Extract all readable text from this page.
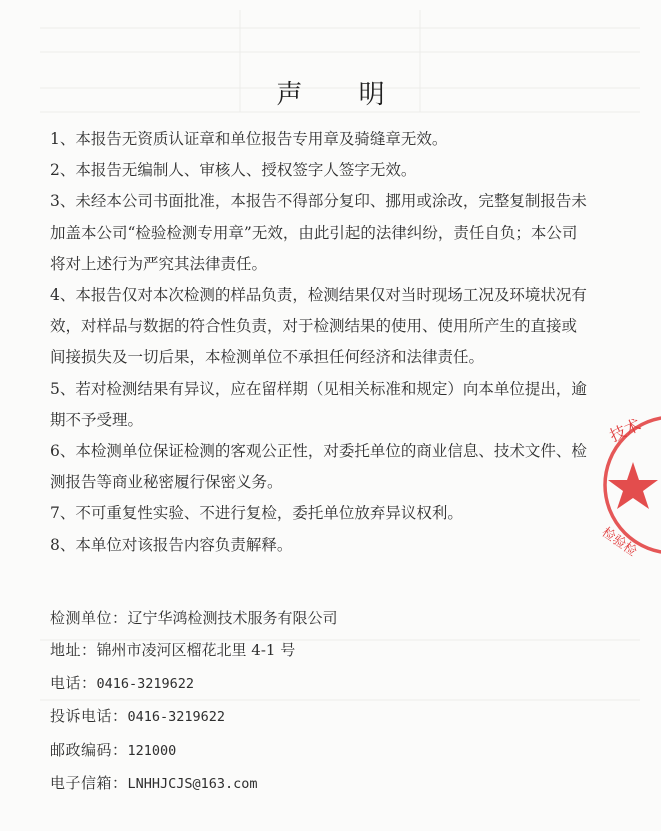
声 明

1、本报告无资质认证章和单位报告专用章及骑缝章无效。

2、本报告无编制人、审核人、授权签字人签字无效。

3、未经本公司书面批准，本报告不得部分复印、挪用或涂改，完整复制报告未加盖本公司“检验检测专用章”无效，由此引起的法律纠纷，责任自负；本公司将对上述行为严究其法律责任。

4、本报告仅对本次检测的样品负责，检测结果仅对当时现场工况及环境状况有效，对样品与数据的符合性负责，对于检测结果的使用、使用所产生的直接或间接损失及一切后果，本检测单位不承担任何经济和法律责任。

5、若对检测结果有异议，应在留样期（见相关标准和规定）向本单位提出，逾期不予受理。

6、本检测单位保证检测的客观公正性，对委托单位的商业信息、技术文件、检测报告等商业秘密履行保密义务。

7、不可重复性实验、不进行复检，委托单位放弃异议权利。

8、本单位对该报告内容负责解释。

检测单位：辽宁华鸿检测技术服务有限公司
地址：锦州市凌河区榴花北里 4-1 号
电话：0416-3219622
投诉电话：0416-3219622
邮政编码：121000
电子信箱：LNHHJCJS@163.com
技术
检验检
